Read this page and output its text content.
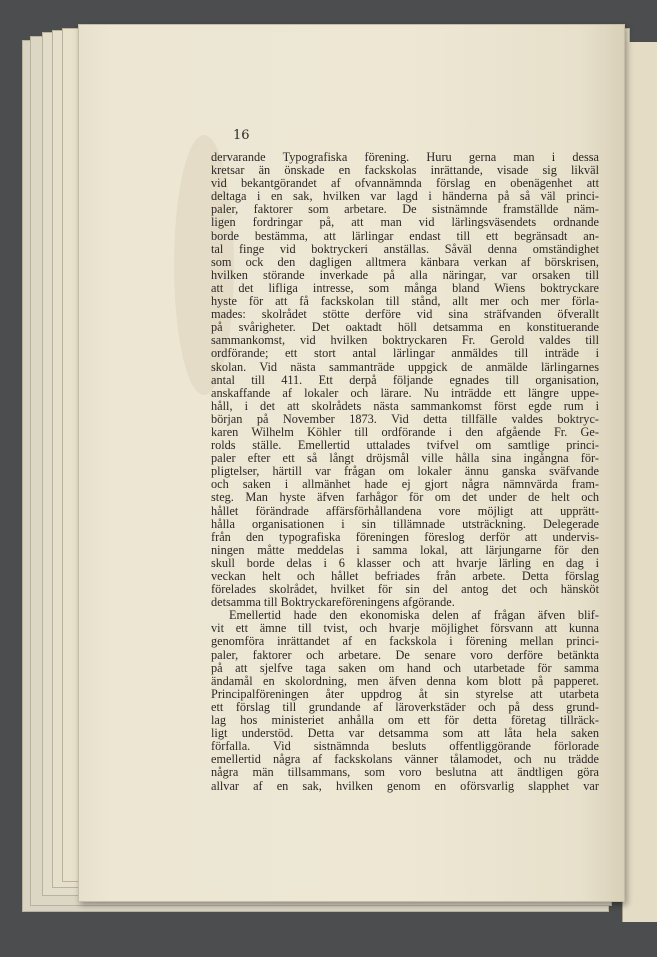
16
dervarande Typografiska förening. Huru gerna man i dessa
kretsar än önskade en fackskolas inrättande, visade sig likväl
vid bekantgörandet af ofvannämnda förslag en obenägenhet att
deltaga i en sak, hvilken var lagd i händerna på så väl princi-
paler, faktorer som arbetare. De sistnämnde framställde näm-
ligen fordringar på, att man vid lärlingsväsendets ordnande
borde bestämma, att lärlingar endast till ett begränsadt an-
tal finge vid boktryckeri anställas. Såväl denna omständighet
som ock den dagligen alltmera känbara verkan af börskrisen,
hvilken störande inverkade på alla näringar, var orsaken till
att det lifliga intresse, som många bland Wiens boktryckare
hyste för att få fackskolan till stånd, allt mer och mer förla-
mades: skolrådet stötte derföre vid sina sträfvanden öfverallt
på svårigheter. Det oaktadt höll detsamma en konstituerande
sammankomst, vid hvilken boktryckaren Fr. Gerold valdes till
ordförande; ett stort antal lärlingar anmäldes till inträde i
skolan. Vid nästa sammanträde uppgick de anmälde lärlingarnes
antal till 411. Ett derpå följande egnades till organisation,
anskaffande af lokaler och lärare. Nu inträdde ett längre uppe-
håll, i det att skolrådets nästa sammankomst först egde rum i
början på November 1873. Vid detta tillfälle valdes boktryc-
karen Wilhelm Köhler till ordförande i den afgående Fr. Ge-
rolds ställe. Emellertid uttalades tvifvel om samtlige princi-
paler efter ett så långt dröjsmål ville hålla sina ingångna för-
pligtelser, härtill var frågan om lokaler ännu ganska sväfvande
och saken i allmänhet hade ej gjort några nämnvärda fram-
steg. Man hyste äfven farhågor för om det under de helt och
hållet förändrade affärsförhållandena vore möjligt att upprätt-
hålla organisationen i sin tillämnade utsträckning. Delegerade
från den typografiska föreningen föreslog derför att undervis-
ningen måtte meddelas i samma lokal, att lärjungarne för den
skull borde delas i 6 klasser och att hvarje lärling en dag i
veckan helt och hållet befriades från arbete. Detta förslag
förelades skolrådet, hvilket för sin del antog det och hänsköt
detsamma till Boktryckareföreningens afgörande.
Emellertid hade den ekonomiska delen af frågan äfven blif-
vit ett ämne till tvist, och hvarje möjlighet försvann att kunna
genomföra inrättandet af en fackskola i förening mellan princi-
paler, faktorer och arbetare. De senare voro derföre betänkta
på att sjelfve taga saken om hand och utarbetade för samma
ändamål en skolordning, men äfven denna kom blott på papperet.
Principalföreningen åter uppdrog åt sin styrelse att utarbeta
ett förslag till grundande af läroverkstäder och på dess grund-
lag hos ministeriet anhålla om ett för detta företag tillräck-
ligt understöd. Detta var detsamma som att låta hela saken
förfalla. Vid sistnämnda besluts offentliggörande förlorade
emellertid några af fackskolans vänner tålamodet, och nu trädde
några män tillsammans, som voro beslutna att ändtligen göra
allvar af en sak, hvilken genom en oförsvarlig slapphet var
